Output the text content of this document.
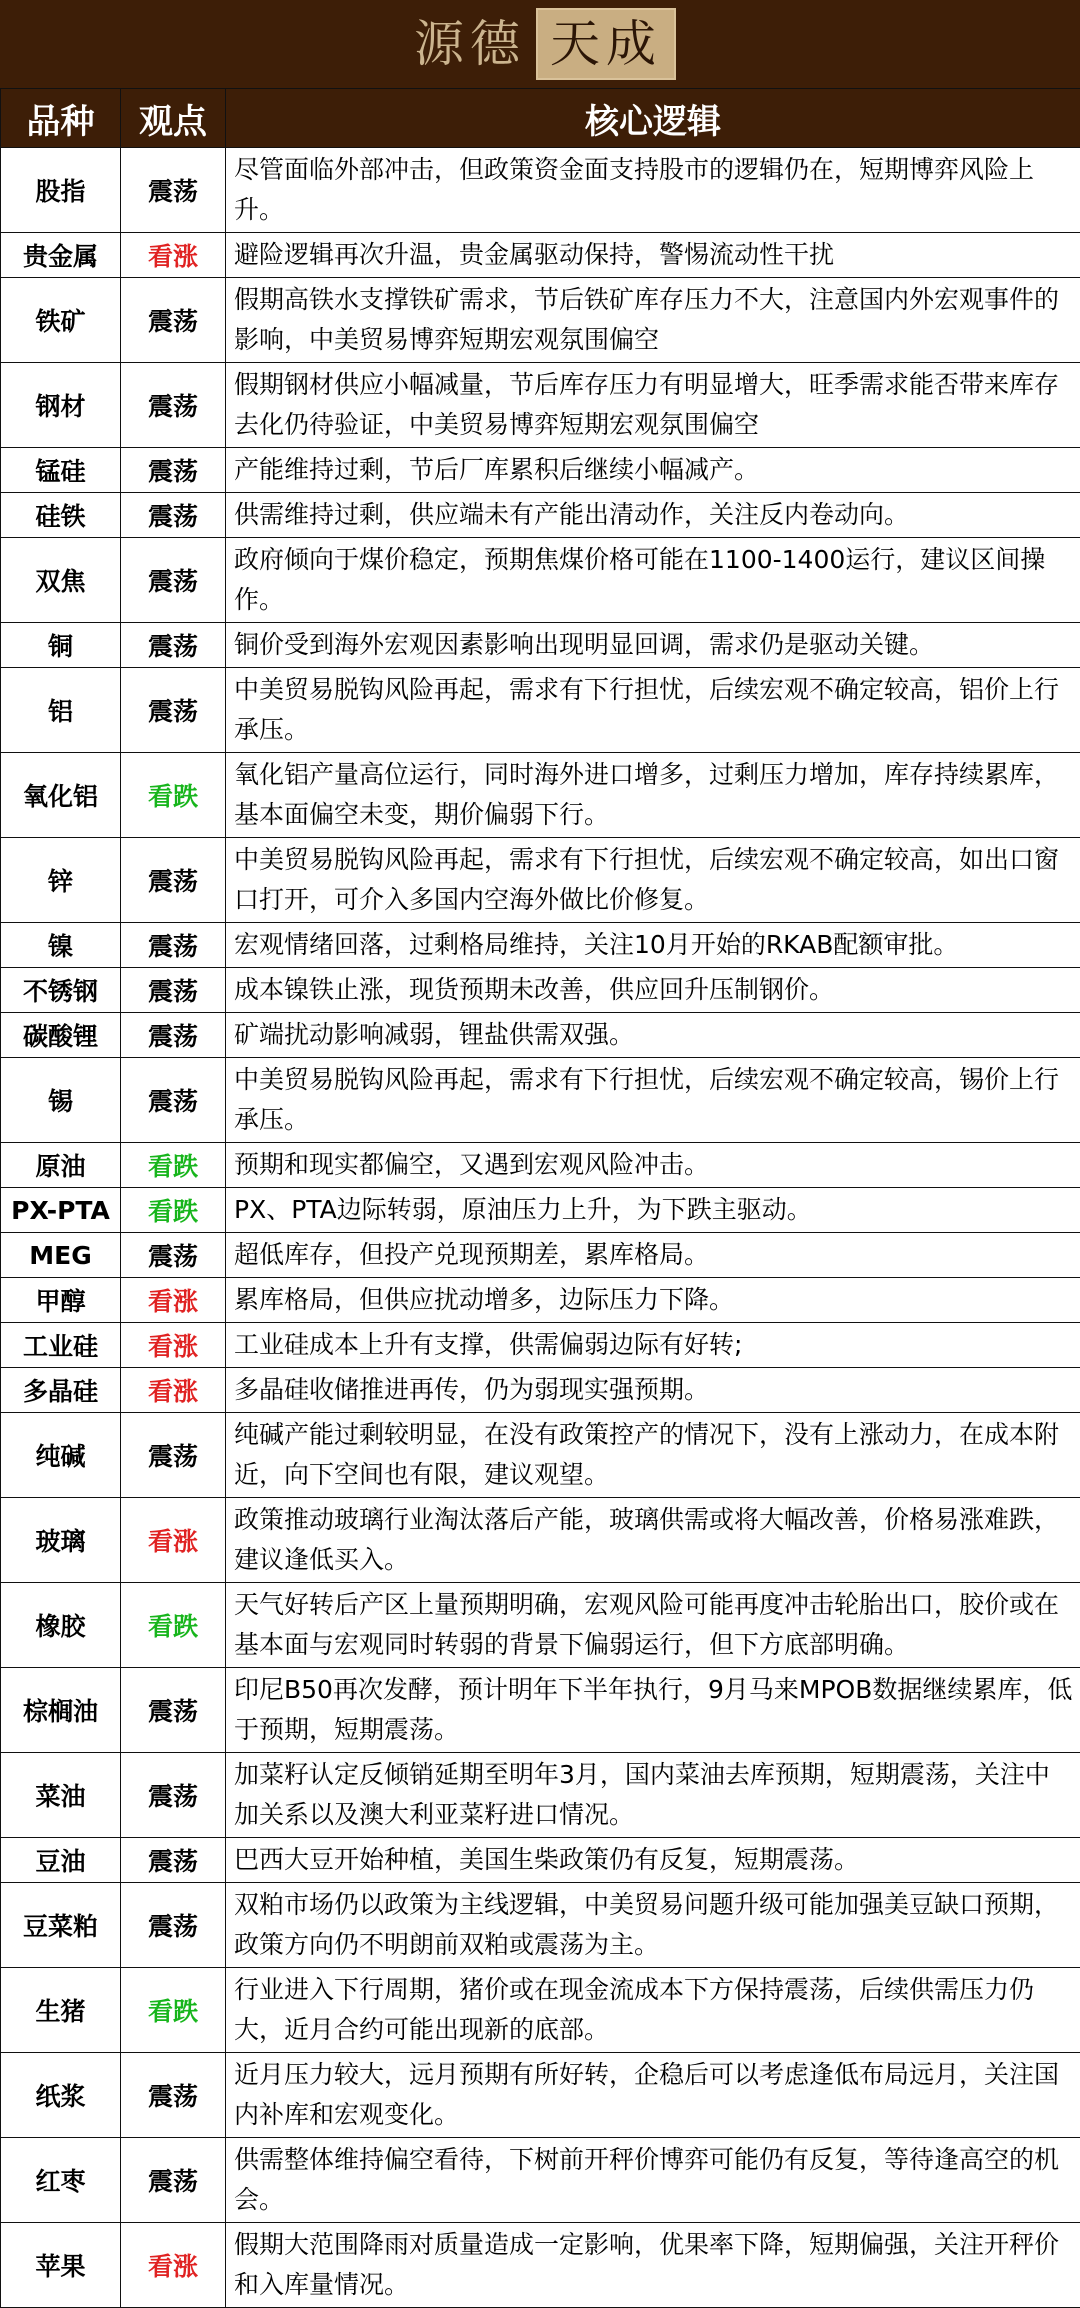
源德 天成
品种	观点	核心逻辑
股指	震荡	尽管面临外部冲击，但政策资金面支持股市的逻辑仍在，短期博弈风险上升。
贵金属	看涨	避险逻辑再次升温，贵金属驱动保持，警惕流动性干扰
铁矿	震荡	假期高铁水支撑铁矿需求，节后铁矿库存压力不大，注意国内外宏观事件的影响，中美贸易博弈短期宏观氛围偏空
钢材	震荡	假期钢材供应小幅减量，节后库存压力有明显增大，旺季需求能否带来库存去化仍待验证，中美贸易博弈短期宏观氛围偏空
锰硅	震荡	产能维持过剩，节后厂库累积后继续小幅减产。
硅铁	震荡	供需维持过剩，供应端未有产能出清动作，关注反内卷动向。
双焦	震荡	政府倾向于煤价稳定，预期焦煤价格可能在1100-1400运行，建议区间操作。
铜	震荡	铜价受到海外宏观因素影响出现明显回调，需求仍是驱动关键。
铝	震荡	中美贸易脱钩风险再起，需求有下行担忧，后续宏观不确定较高，铝价上行承压。
氧化铝	看跌	氧化铝产量高位运行，同时海外进口增多，过剩压力增加，库存持续累库，基本面偏空未变，期价偏弱下行。
锌	震荡	中美贸易脱钩风险再起，需求有下行担忧，后续宏观不确定较高，如出口窗口打开，可介入多国内空海外做比价修复。
镍	震荡	宏观情绪回落，过剩格局维持，关注10月开始的RKAB配额审批。
不锈钢	震荡	成本镍铁止涨，现货预期未改善，供应回升压制钢价。
碳酸锂	震荡	矿端扰动影响减弱，锂盐供需双强。
锡	震荡	中美贸易脱钩风险再起，需求有下行担忧，后续宏观不确定较高，锡价上行承压。
原油	看跌	预期和现实都偏空，又遇到宏观风险冲击。
PX-PTA	看跌	PX、PTA边际转弱，原油压力上升，为下跌主驱动。
MEG	震荡	超低库存，但投产兑现预期差，累库格局。
甲醇	看涨	累库格局，但供应扰动增多，边际压力下降。
工业硅	看涨	工业硅成本上升有支撑，供需偏弱边际有好转;
多晶硅	看涨	多晶硅收储推进再传，仍为弱现实强预期。
纯碱	震荡	纯碱产能过剩较明显，在没有政策控产的情况下，没有上涨动力，在成本附近，向下空间也有限，建议观望。
玻璃	看涨	政策推动玻璃行业淘汰落后产能，玻璃供需或将大幅改善，价格易涨难跌，建议逢低买入。
橡胶	看跌	天气好转后产区上量预期明确，宏观风险可能再度冲击轮胎出口，胶价或在基本面与宏观同时转弱的背景下偏弱运行，但下方底部明确。
棕榈油	震荡	印尼B50再次发酵，预计明年下半年执行，9月马来MPOB数据继续累库，低于预期，短期震荡。
菜油	震荡	加菜籽认定反倾销延期至明年3月，国内菜油去库预期，短期震荡，关注中加关系以及澳大利亚菜籽进口情况。
豆油	震荡	巴西大豆开始种植，美国生柴政策仍有反复，短期震荡。
豆菜粕	震荡	双粕市场仍以政策为主线逻辑，中美贸易问题升级可能加强美豆缺口预期，政策方向仍不明朗前双粕或震荡为主。
生猪	看跌	行业进入下行周期，猪价或在现金流成本下方保持震荡，后续供需压力仍大，近月合约可能出现新的底部。
纸浆	震荡	近月压力较大，远月预期有所好转，企稳后可以考虑逢低布局远月，关注国内补库和宏观变化。
红枣	震荡	供需整体维持偏空看待，下树前开秤价博弈可能仍有反复，等待逢高空的机会。
苹果	看涨	假期大范围降雨对质量造成一定影响，优果率下降，短期偏强，关注开秤价和入库量情况。
